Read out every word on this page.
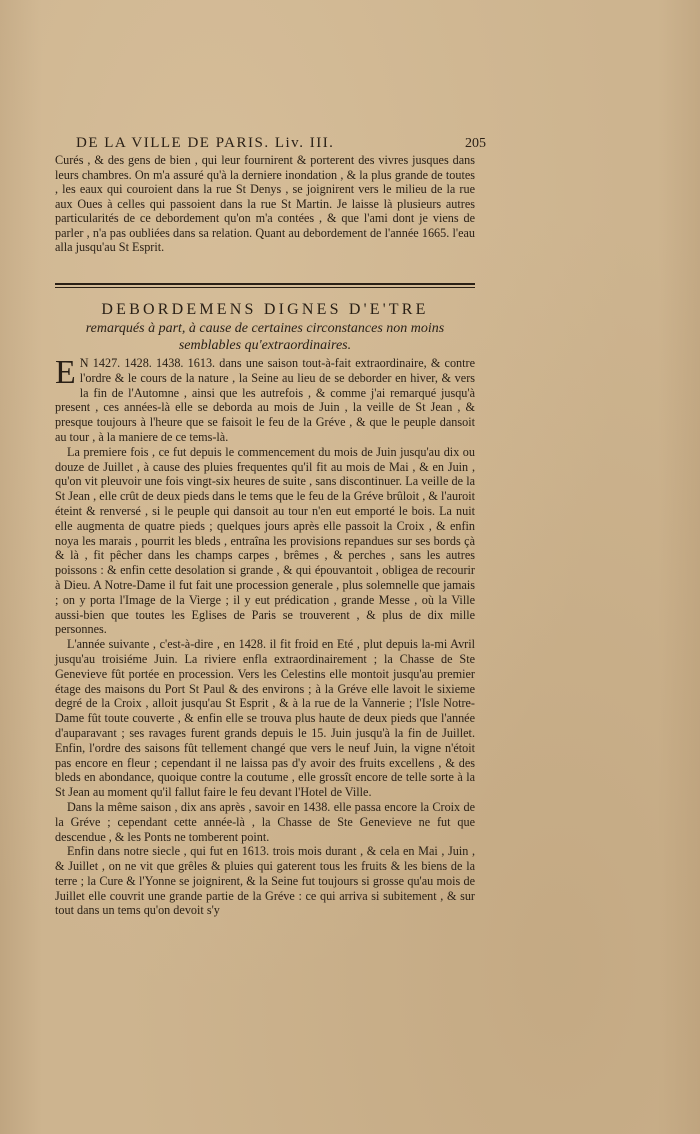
DE LA VILLE DE PARIS. Liv. III.	205

Curés , & des gens de bien , qui leur fournirent & porterent des vivres jusques dans leurs chambres. On m'a assuré qu'à la derniere inondation , & la plus grande de toutes , les eaux qui couroient dans la rue St Denys , se joignirent vers le milieu de la rue aux Oues à celles qui passoient dans la rue St Martin. Je laisse là plusieurs autres particularités de ce debordement qu'on m'a contées , & que l'ami dont je viens de parler , n'a pas oubliées dans sa relation. Quant au debordement de l'année 1665. l'eau alla jusqu'au St Esprit.

DEBORDEMENS DIGNES D'E'TRE
remarqués à part, à cause de certaines circonstances non moins
semblables qu'extraordinaires.

E N 1427. 1428. 1438. 1613. dans une saison tout-à-fait extraordinaire, & contre l'ordre & le cours de la nature , la Seine au lieu de se deborder en hiver, & vers la fin de l'Automne , ainsi que les autrefois , & comme j'ai remarqué jusqu'à present , ces années-là elle se deborda au mois de Juin , la veille de St Jean , & presque toujours à l'heure que se faisoit le feu de la Gréve , & que le peuple dansoit au tour , à la maniere de ce tems-là.

La premiere fois , ce fut depuis le commencement du mois de Juin jusqu'au dix ou douze de Juillet , à cause des pluies frequentes qu'il fit au mois de Mai , & en Juin , qu'on vit pleuvoir une fois vingt-six heures de suite , sans discontinuer. La veille de la St Jean , elle crût de deux pieds dans le tems que le feu de la Gréve brûloit , & l'auroit éteint & renversé , si le peuple qui dansoit au tour n'en eut emporté le bois. La nuit elle augmenta de quatre pieds ; quelques jours après elle passoit la Croix , & enfin noya les marais , pourrit les bleds , entraîna les provisions repandues sur ses bords çà & là , fit pêcher dans les champs carpes , brêmes , & perches , sans les autres poissons : & enfin cette desolation si grande , & qui épouvantoit , obligea de recourir à Dieu. A Notre-Dame il fut fait une procession generale , plus solemnelle que jamais ; on y porta l'Image de la Vierge ; il y eut prédication , grande Messe , où la Ville aussi-bien que toutes les Eglises de Paris se trouverent , & plus de dix mille personnes.

L'année suivante , c'est-à-dire , en 1428. il fit froid en Eté , plut depuis la-mi Avril jusqu'au troisiéme Juin. La riviere enfla extraordinairement ; la Chasse de Ste Genevieve fût portée en procession. Vers les Celestins elle montoit jusqu'au premier étage des maisons du Port St Paul & des environs ; à la Gréve elle lavoit le sixieme degré de la Croix , alloit jusqu'au St Esprit , & à la rue de la Vannerie ; l'Isle Notre-Dame fût toute couverte , & enfin elle se trouva plus haute de deux pieds que l'année d'auparavant ; ses ravages furent grands depuis le 15. Juin jusqu'à la fin de Juillet. Enfin, l'ordre des saisons fût tellement changé que vers le neuf Juin, la vigne n'étoit pas encore en fleur ; cependant il ne laissa pas d'y avoir des fruits excellens , & des bleds en abondance, quoique contre la coutume , elle grossît encore de telle sorte à la St Jean au moment qu'il fallut faire le feu devant l'Hotel de Ville.

Dans la même saison , dix ans après , savoir en 1438. elle passa encore la Croix de la Gréve ; cependant cette année-là , la Chasse de Ste Genevieve ne fut que descendue , & les Ponts ne tomberent point.

Enfin dans notre siecle , qui fut en 1613. trois mois durant , & cela en Mai , Juin , & Juillet , on ne vit que grêles & pluies qui gaterent tous les fruits & les biens de la terre ; la Cure & l'Yonne se joignirent, & la Seine fut toujours si grosse qu'au mois de Juillet elle couvrit une grande partie de la Gréve : ce qui arriva si subitement , & sur tout dans un tems qu'on devoit s'y
